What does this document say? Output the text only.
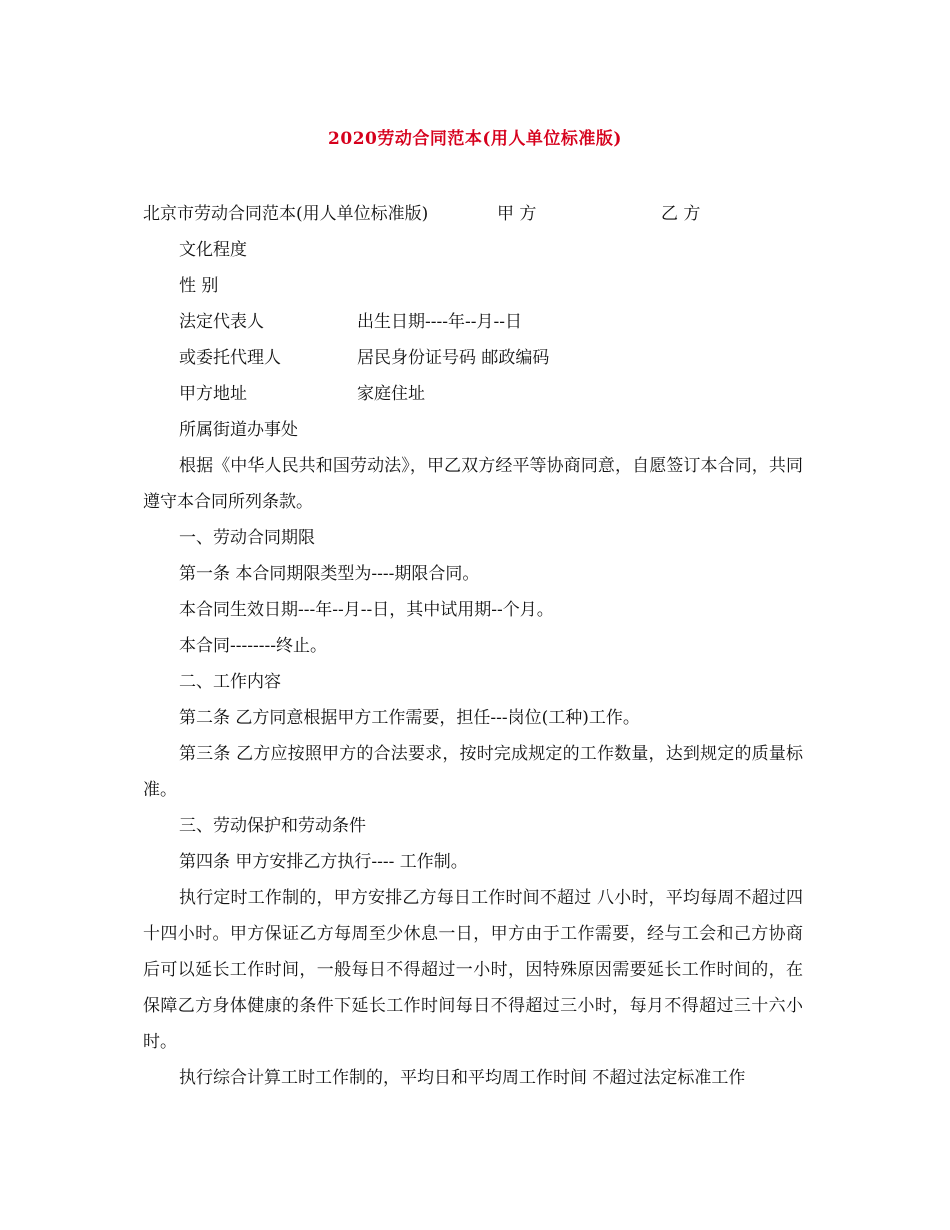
2020劳动合同范本(用人单位标准版)
北京市劳动合同范本(用人单位标准版)	甲 方	乙 方
文化程度
性 别
法定代表人	出生日期----年--月--日
或委托代理人	居民身份证号码 邮政编码
甲方地址	家庭住址
所属街道办事处
根据《中华人民共和国劳动法》，甲乙双方经平等协商同意，自愿签订本合同，共同遵守本合同所列条款。
一、劳动合同期限
第一条 本合同期限类型为----期限合同。
本合同生效日期---年--月--日，其中试用期--个月。
本合同--------终止。
二、工作内容
第二条 乙方同意根据甲方工作需要，担任---岗位(工种)工作。
第三条 乙方应按照甲方的合法要求，按时完成规定的工作数量，达到规定的质量标准。
三、劳动保护和劳动条件
第四条 甲方安排乙方执行---- 工作制。
执行定时工作制的，甲方安排乙方每日工作时间不超过 八小时，平均每周不超过四十四小时。甲方保证乙方每周至少休息一日，甲方由于工作需要，经与工会和己方协商后可以延长工作时间，一般每日不得超过一小时，因特殊原因需要延长工作时间的，在保障乙方身体健康的条件下延长工作时间每日不得超过三小时，每月不得超过三十六小时。
执行综合计算工时工作制的，平均日和平均周工作时间 不超过法定标准工作
